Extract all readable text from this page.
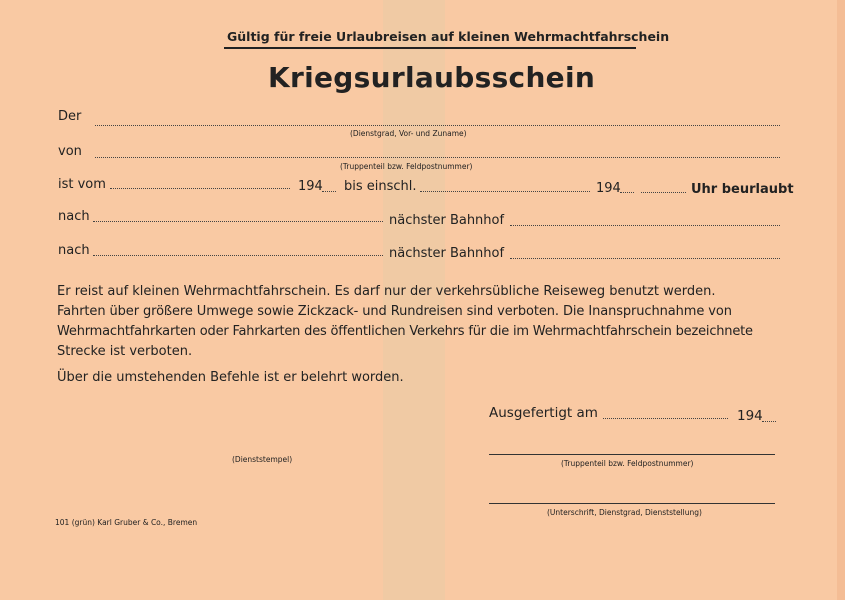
Gültig für freie Urlaubreisen auf kleinen Wehrmachtfahrschein
Kriegsurlaubsschein
Der
(Dienstgrad, Vor- und Zuname)
von
(Truppenteil bzw. Feldpostnummer)
ist vom	194 bis einschl.	194	Uhr beurlaubt
nach	nächster Bahnhof
nach	nächster Bahnhof
Er reist auf kleinen Wehrmachtfahrschein. Es darf nur der verkehrsübliche Reiseweg benutzt werden.
Fahrten über größere Umwege sowie Zickzack- und Rundreisen sind verboten. Die Inanspruchnahme von
Wehrmachtfahrkarten oder Fahrkarten des öffentlichen Verkehrs für die im Wehrmachtfahrschein bezeichnete
Strecke ist verboten.
Über die umstehenden Befehle ist er belehrt worden.
Ausgefertigt am	194
(Dienststempel)	(Truppenteil bzw. Feldpostnummer)
(Unterschrift, Dienstgrad, Dienststellung)
101 (grün) Karl Gruber & Co., Bremen
